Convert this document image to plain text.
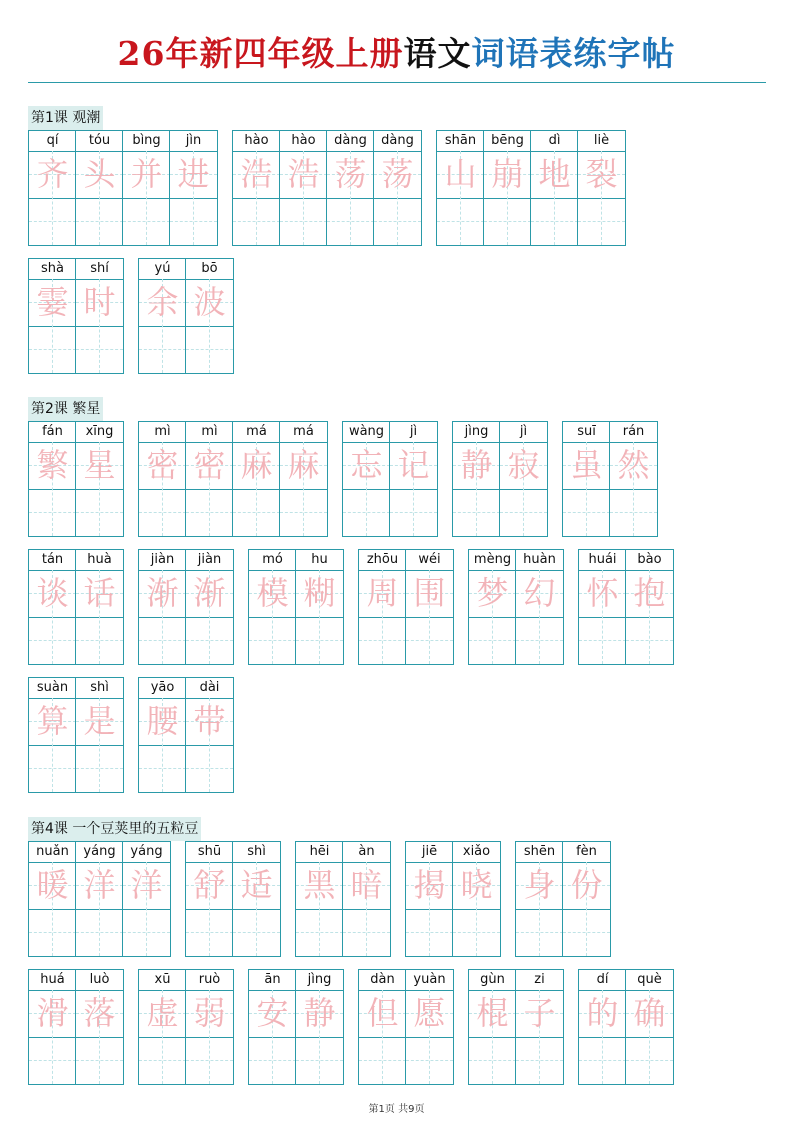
26年新四年级上册语文词语表练字帖
第1课 观潮
qí
齐
tóu
头
bìng
并
jìn
进
hào
浩
hào
浩
dàng
荡
dàng
荡
shān
山
bēng
崩
dì
地
liè
裂
shà
霎
shí
时
yú
余
bō
波
第2课 繁星
fán
繁
xīng
星
mì
密
mì
密
má
麻
má
麻
wàng
忘
jì
记
jìng
静
jì
寂
suī
虽
rán
然
tán
谈
huà
话
jiàn
渐
jiàn
渐
mó
模
hu
糊
zhōu
周
wéi
围
mèng
梦
huàn
幻
huái
怀
bào
抱
suàn
算
shì
是
yāo
腰
dài
带
第4课 一个豆荚里的五粒豆
nuǎn
暖
yáng
洋
yáng
洋
shū
舒
shì
适
hēi
黑
àn
暗
jiē
揭
xiǎo
晓
shēn
身
fèn
份
huá
滑
luò
落
xū
虚
ruò
弱
ān
安
jìng
静
dàn
但
yuàn
愿
gùn
棍
zi
子
dí
的
què
确
第1页 共9页
